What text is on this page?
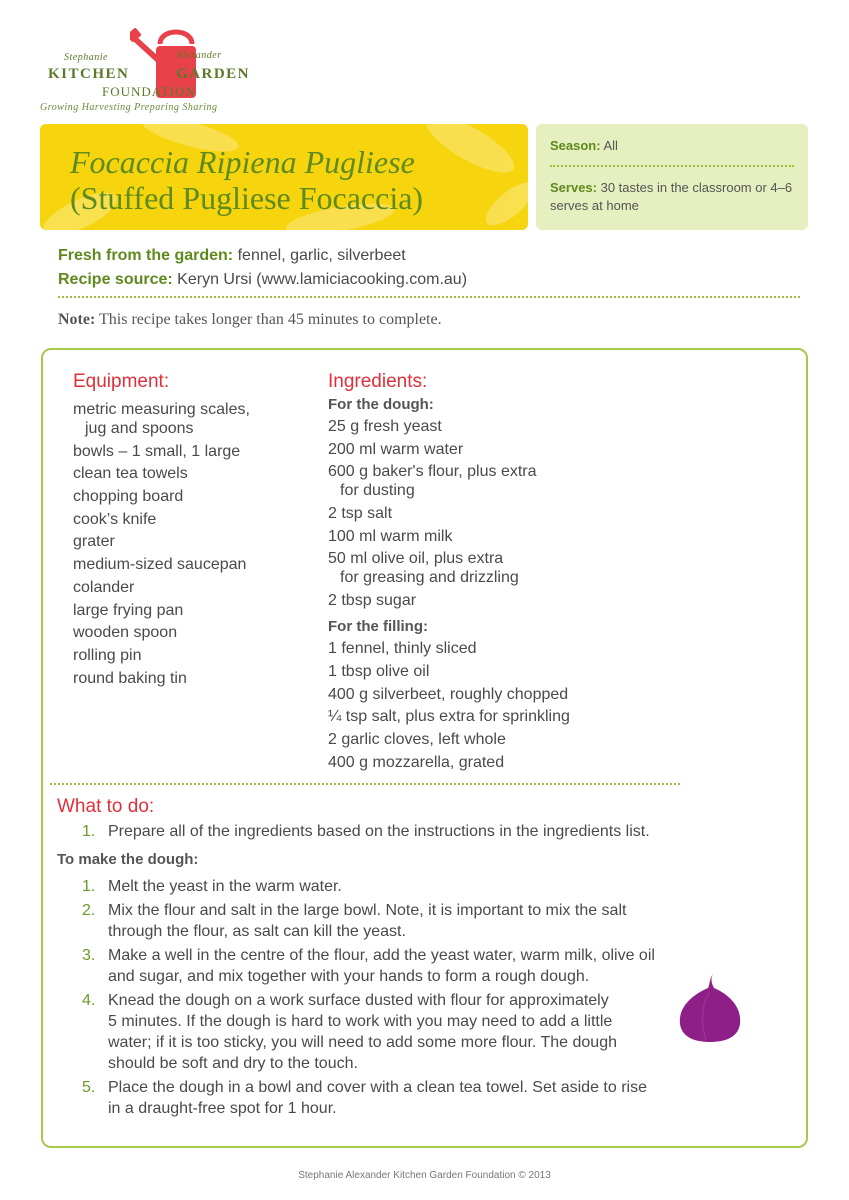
Stephanie	Alexander
KITCHEN	GARDEN
FOUNDATION
Growing Harvesting Preparing Sharing
Focaccia Ripiena Pugliese
(Stuffed Pugliese Focaccia)
Season: All
Serves: 30 tastes in the classroom or 4–6 serves at home
Fresh from the garden: fennel, garlic, silverbeet
Recipe source: Keryn Ursi (www.lamiciacooking.com.au)
Note: This recipe takes longer than 45 minutes to complete.
Equipment:
metric measuring scales,
jug and spoons
bowls – 1 small, 1 large
clean tea towels
chopping board
cook’s knife
grater
medium-sized saucepan
colander
large frying pan
wooden spoon
rolling pin
round baking tin
Ingredients:
For the dough:
25 g fresh yeast
200 ml warm water
600 g baker's flour, plus extra
for dusting
2 tsp salt
100 ml warm milk
50 ml olive oil, plus extra
for greasing and drizzling
2 tbsp sugar
For the filling:
1 fennel, thinly sliced
1 tbsp olive oil
400 g silverbeet, roughly chopped
¼ tsp salt, plus extra for sprinkling
2 garlic cloves, left whole
400 g mozzarella, grated
What to do:
1. Prepare all of the ingredients based on the instructions in the ingredients list.
To make the dough:
1. Melt the yeast in the warm water.
2. Mix the flour and salt in the large bowl. Note, it is important to mix the salt
through the flour, as salt can kill the yeast.
3. Make a well in the centre of the flour, add the yeast water, warm milk, olive oil
and sugar, and mix together with your hands to form a rough dough.
4. Knead the dough on a work surface dusted with flour for approximately
5 minutes. If the dough is hard to work with you may need to add a little
water; if it is too sticky, you will need to add some more flour. The dough
should be soft and dry to the touch.
5. Place the dough in a bowl and cover with a clean tea towel. Set aside to rise
in a draught-free spot for 1 hour.
Stephanie Alexander Kitchen Garden Foundation © 2013
